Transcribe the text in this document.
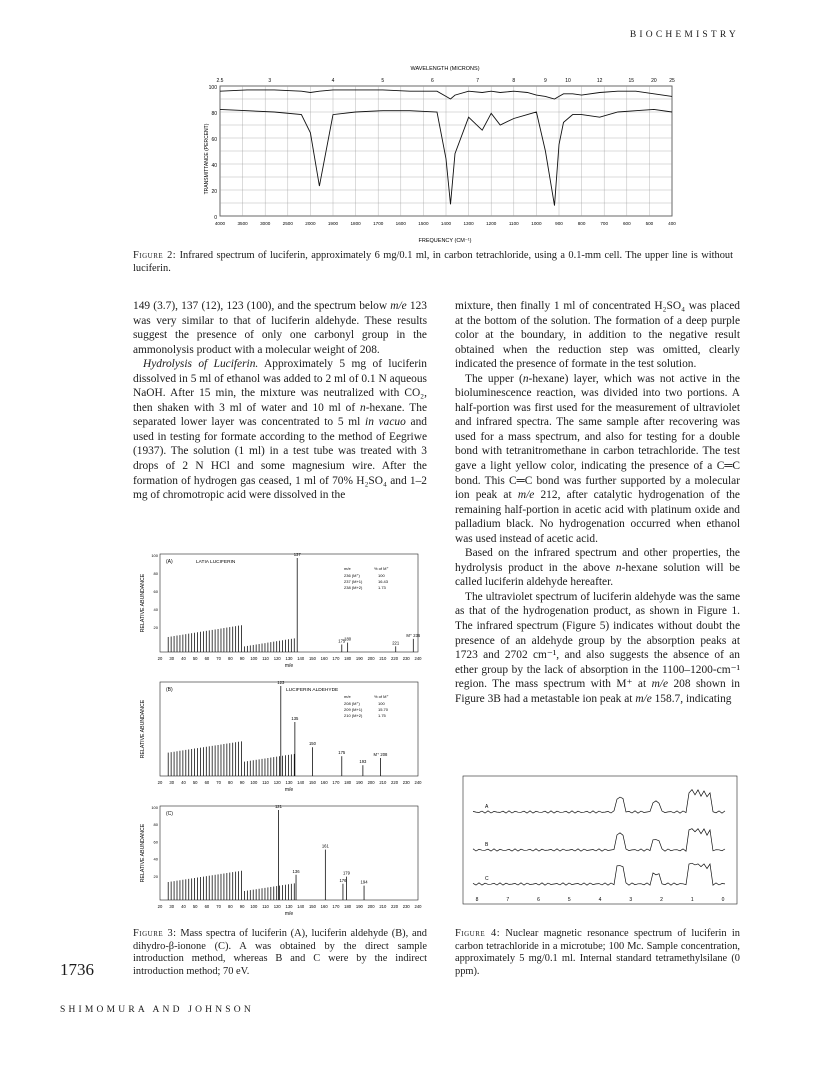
BIOCHEMISTRY
WAVELENGTH (MICRONS)
2.5	3	4	5	6	7	8	9	10	12	15	20	25
100
80
60
40
20
0
TRANSMITTANCE (PERCENT)
4000	3500	3000	2500	2000	1900	1800	1700	1600	1500	1400	1300	1200	1100	1000	900	800	700	600	500	400
FREQUENCY (CM⁻¹)
Figure 2: Infrared spectrum of luciferin, approximately 6 mg/0.1 ml, in carbon tetrachloride, using a 0.1-mm cell. The upper line is without luciferin.

149 (3.7), 137 (12), 123 (100), and the spectrum below m/e 123 was very similar to that of luciferin aldehyde. These results suggest the presence of only one carbonyl group in the ammonolysis product with a molecular weight of 208.

Hydrolysis of Luciferin. Approximately 5 mg of luciferin dissolved in 5 ml of ethanol was added to 2 ml of 0.1 N aqueous NaOH. After 15 min, the mixture was neutralized with CO₂, then shaken with 3 ml of water and 10 ml of n-hexane. The separated lower layer was concentrated to 5 ml in vacuo and used in testing for formate according to the method of Eegriwe (1937). The solution (1 ml) in a test tube was treated with 3 drops of 2 N HCl and some magnesium wire. After the formation of hydrogen gas ceased, 1 ml of 70% H₂SO₄ and 1–2 mg of chromotropic acid were dissolved in the

mixture, then finally 1 ml of concentrated H₂SO₄ was placed at the bottom of the solution. The formation of a deep purple color at the boundary, in addition to the negative result obtained when the reduction step was omitted, clearly indicated the presence of formate in the test solution.

The upper (n-hexane) layer, which was not active in the bioluminescence reaction, was divided into two portions. A half-portion was first used for the measurement of ultraviolet and infrared spectra. The same sample after recovering was used for a mass spectrum, and also for testing for a double bond with tetranitromethane in carbon tetrachloride. The test gave a light yellow color, indicating the presence of a C═C bond. This C═C bond was further supported by a molecular ion peak at m/e 212, after catalytic hydrogenation of the remaining half-portion in acetic acid with platinum oxide and palladium black. No hydrogenation occurred when ethanol was used instead of acetic acid.

Based on the infrared spectrum and other properties, the hydrolysis product in the above n-hexane solution will be called luciferin aldehyde hereafter.

The ultraviolet spectrum of luciferin aldehyde was the same as that of the hydrogenation product, as shown in Figure 1. The infrared spectrum (Figure 5) indicates without doubt the presence of an aldehyde group by the absorption peaks at 1723 and 2702 cm⁻¹, and also suggests the absence of an ether group by the lack of absorption in the 1100–1200-cm⁻¹ region. The mass spectrum with M⁺ at m/e 208 shown in Figure 3B had a metastable ion peak at m/e 158.7, indicating

RELATIVE ABUNDANCE
(A)	LATIA LUCIFERIN
100
80
60
40
20
137
175
180
221
M⁺ 236
m/e	% of M⁺
236 (M⁺)	100
237 (M+1)	16.43
238 (M+2)	1.73
20 30 40 50 60 70 80 90 100 110 120 130 140 150 160 170 180 190 200 210 220 230 240
m/e
RELATIVE ABUNDANCE
(B)	LUCIFERIN ALDEHYDE
123
135
150
175
193
M⁺ 208
m/e	% of M⁺
208 (M⁺)	100
209 (M+1)	15.70
210 (M+2)	1.75
20 30 40 50 60 70 80 90 100 110 120 130 140 150 160 170 180 190 200 210 220 230 240
m/e
RELATIVE ABUNDANCE
(C)
100
80
60
40
20
121
136
161
176
179
194
20 30 40 50 60 70 80 90 100 110 120 130 140 150 160 170 180 190 200 210 220 230 240
m/e
Figure 3: Mass spectra of luciferin (A), luciferin aldehyde (B), and dihydro-β-ionone (C). A was obtained by the direct sample introduction method, whereas B and C were by the indirect introduction method; 70 eV.
8	7	6	5	4	3	2	1	0
A
B
C
Figure 4: Nuclear magnetic resonance spectrum of luciferin in carbon tetrachloride in a microtube; 100 Mc. Sample concentration, approximately 5 mg/0.1 ml. Internal standard tetramethylsilane (0 ppm).
1736
SHIMOMURA AND JOHNSON
